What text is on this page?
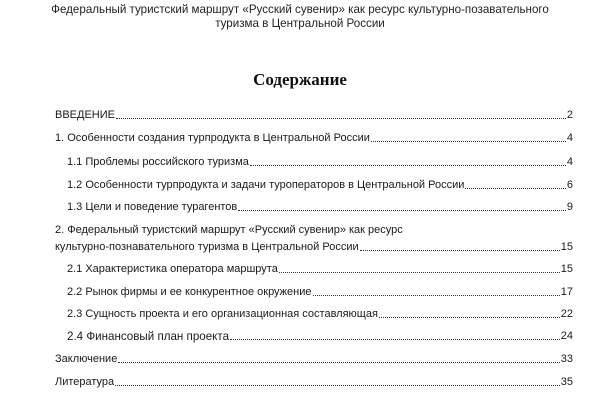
Федеральный туристский маршрут «Русский сувенир» как ресурс культурно-позавательного
туризма в Центральной России
Содержание
ВВЕДЕНИЕ	2
1. Особенности создания турпродукта в Центральной России	4
1.1 Проблемы российского туризма	4
1.2 Особенности турпродукта и задачи туроператоров в Центральной России	6
1.3 Цели и поведение турагентов	9
2. Федеральный туристский маршрут «Русский сувенир» как ресурс
культурно-познавательного туризма в Центральной России	15
2.1 Характеристика оператора маршрута	15
2.2 Рынок фирмы и ее конкурентное окружение	17
2.3 Сущность проекта и его организационная составляющая	22
2.4 Финансовый план проекта	24
Заключение	33
Литература	35
